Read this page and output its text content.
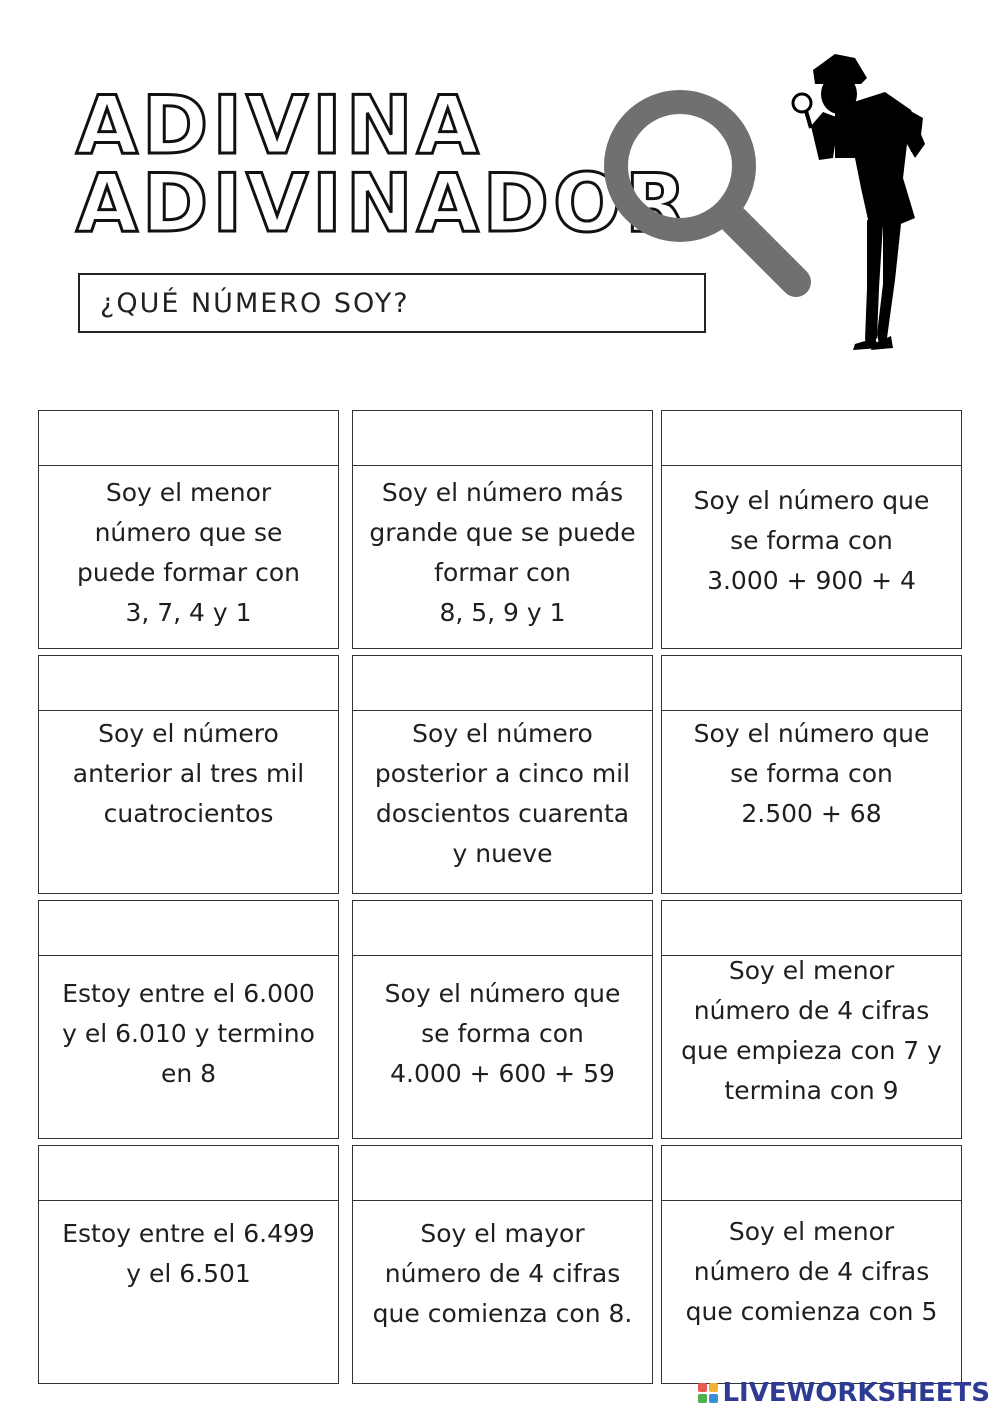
ADIVINA
ADIVINADOR
¿QUÉ NÚMERO SOY?
Soy el menor
número que se
puede formar con
3, 7, 4 y 1
Soy el número más
grande que se puede
formar con
8, 5, 9 y 1
Soy el número que
se forma con
3.000 + 900 + 4
Soy el número
anterior al tres mil
cuatrocientos
Soy el número
posterior a cinco mil
doscientos cuarenta
y nueve
Soy el número que
se forma con
2.500 + 68
Estoy entre el 6.000
y el 6.010 y termino
en 8
Soy el número que
se forma con
4.000 + 600 + 59
Soy el menor
número de 4 cifras
que empieza con 7 y
termina con 9
Estoy entre el 6.499
y el 6.501
Soy el mayor
número de 4 cifras
que comienza con 8.
Soy el menor
número de 4 cifras
que comienza con 5
LIVEWORKSHEETS
